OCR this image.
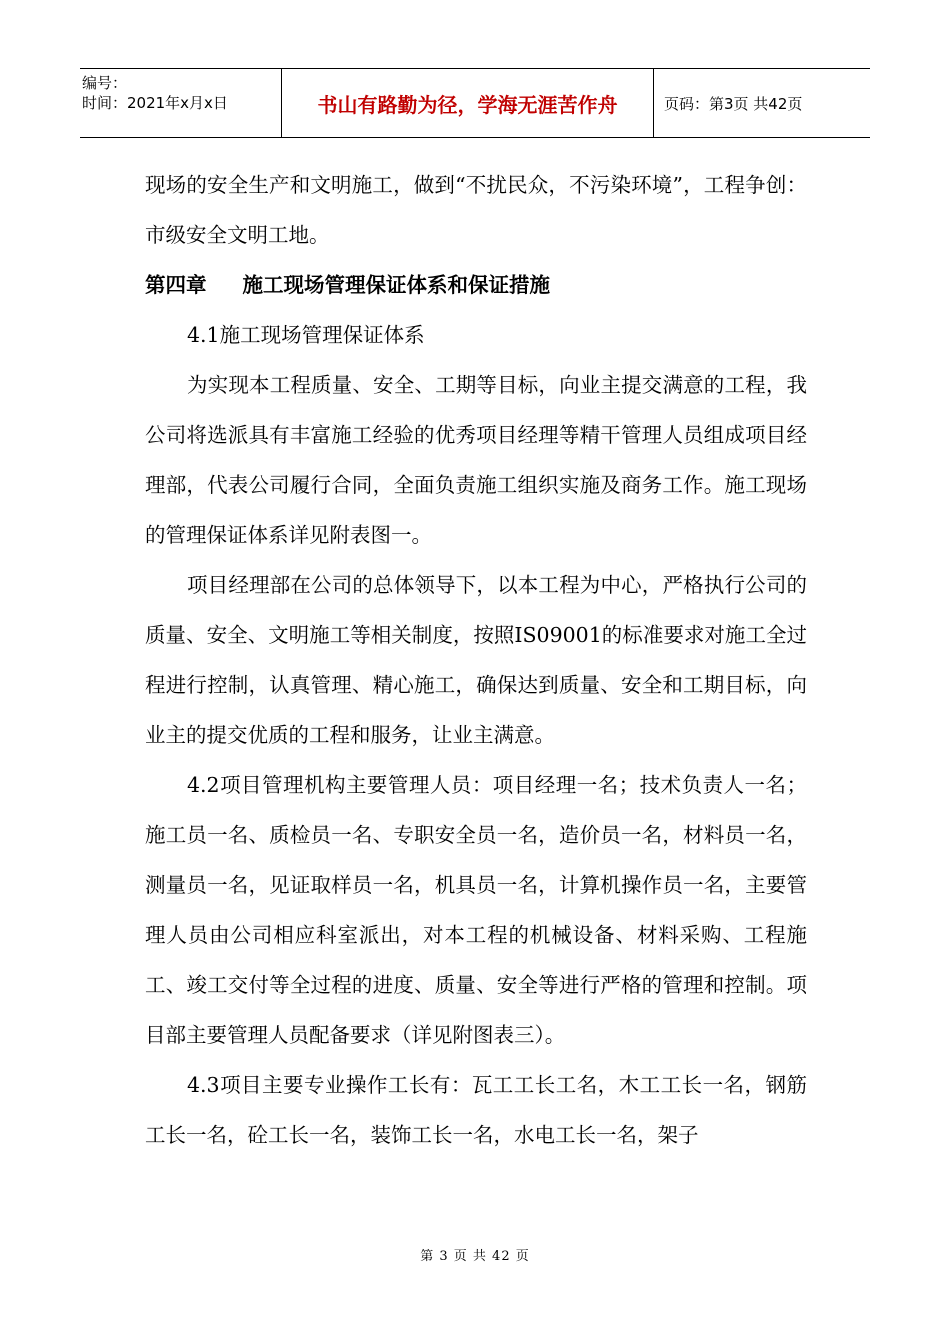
编号：
时间：2021年x月x日	书山有路勤为径，学海无涯苦作舟	页码：第3页 共42页

现场的安全生产和文明施工，做到“不扰民众，不污染环境”，工程争创：市级安全文明工地。

第四章 施工现场管理保证体系和保证措施

4.1施工现场管理保证体系

为实现本工程质量、安全、工期等目标，向业主提交满意的工程，我公司将选派具有丰富施工经验的优秀项目经理等精干管理人员组成项目经理部，代表公司履行合同，全面负责施工组织实施及商务工作。施工现场的管理保证体系详见附表图一。

项目经理部在公司的总体领导下，以本工程为中心，严格执行公司的质量、安全、文明施工等相关制度，按照IS09001的标准要求对施工全过程进行控制，认真管理、精心施工，确保达到质量、安全和工期目标，向业主的提交优质的工程和服务，让业主满意。

4.2项目管理机构主要管理人员：项目经理一名；技术负责人一名；施工员一名、质检员一名、专职安全员一名，造价员一名，材料员一名，测量员一名，见证取样员一名，机具员一名，计算机操作员一名，主要管理人员由公司相应科室派出，对本工程的机械设备、材料采购、工程施工、竣工交付等全过程的进度、质量、安全等进行严格的管理和控制。项目部主要管理人员配备要求（详见附图表三）。

4.3项目主要专业操作工长有：瓦工工长工名，木工工长一名，钢筋工长一名，砼工长一名，装饰工长一名，水电工长一名，架子

第 3 页 共 42 页
